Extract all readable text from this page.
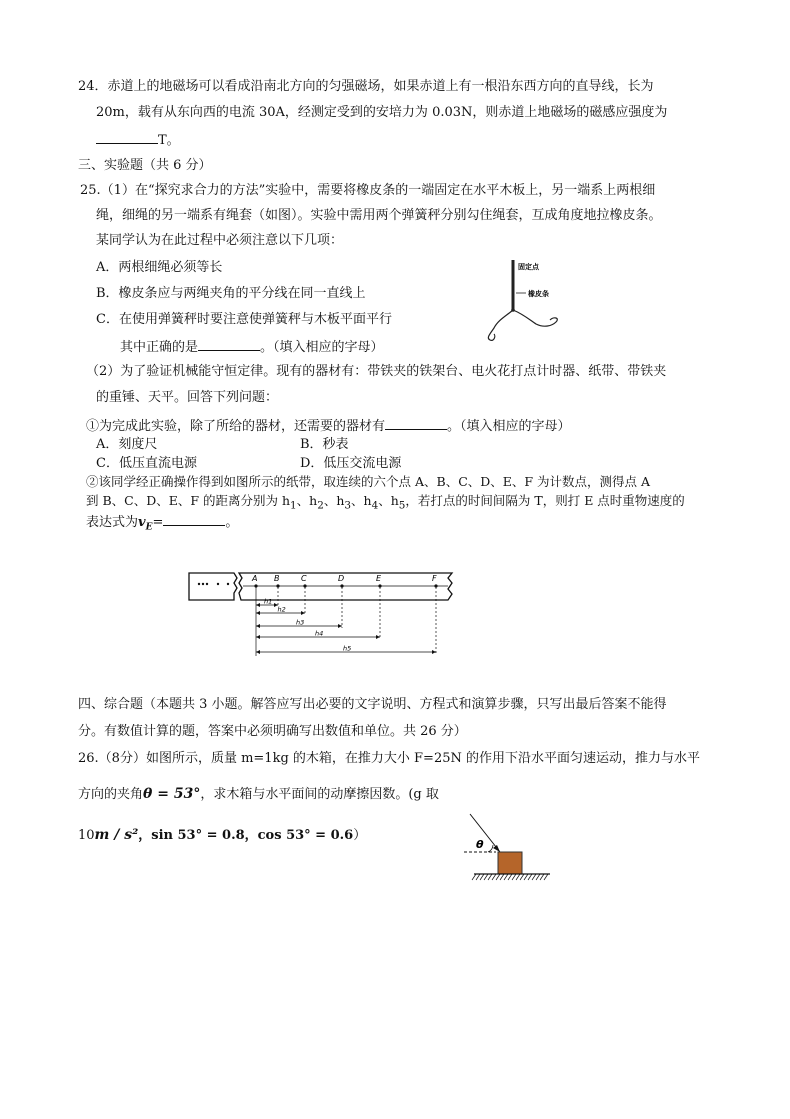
24．赤道上的地磁场可以看成沿南北方向的匀强磁场，如果赤道上有一根沿东西方向的直导线，长为
20m，载有从东向西的电流 30A，经测定受到的安培力为 0.03N，则赤道上地磁场的磁感应强度为
T。
三、实验题（共 6 分）
25.（1）在“探究求合力的方法”实验中，需要将橡皮条的一端固定在水平木板上，另一端系上两根细
绳，细绳的另一端系有绳套（如图）。实验中需用两个弹簧秤分别勾住绳套，互成角度地拉橡皮条。
某同学认为在此过程中必须注意以下几项：
A．两根细绳必须等长
B．橡皮条应与两绳夹角的平分线在同一直线上
C．在使用弹簧秤时要注意使弹簧秤与木板平面平行
其中正确的是	。（填入相应的字母）
固定点
橡皮条
（2）为了验证机械能守恒定律。现有的器材有：带铁夹的铁架台、电火花打点计时器、纸带、带铁夹
的重锤、天平。回答下列问题：
①为完成此实验，除了所给的器材，还需要的器材有	。（填入相应的字母）
A．刻度尺	B．秒表
C．低压直流电源	D．低压交流电源
②该同学经正确操作得到如图所示的纸带，取连续的六个点 A、B、C、D、E、F 为计数点，测得点 A
到 B、C、D、E、F 的距离分别为 $h_1$、$h_2$、$h_3$、$h_4$、$h_5$，若打点的时间间隔为 T，则打 E 点时重物速度的
表达式为$v_E=$	。
A B	C	D	E	F
h1
h2
h3
h4
h5
四、综合题（本题共 3 小题。解答应写出必要的文字说明、方程式和演算步骤，只写出最后答案不能得
分。有数值计算的题，答案中必须明确写出数值和单位。共 26 分）
26.（8分）如图所示，质量 m=1kg 的木箱，在推力大小 F=25N 的作用下沿水平面匀速运动，推力与水平
方向的夹角θ = 53°，求木箱与水平面间的动摩擦因数。(g 取
10m / s²，sin 53° = 0.8，cos 53° = 0.6）
θ
